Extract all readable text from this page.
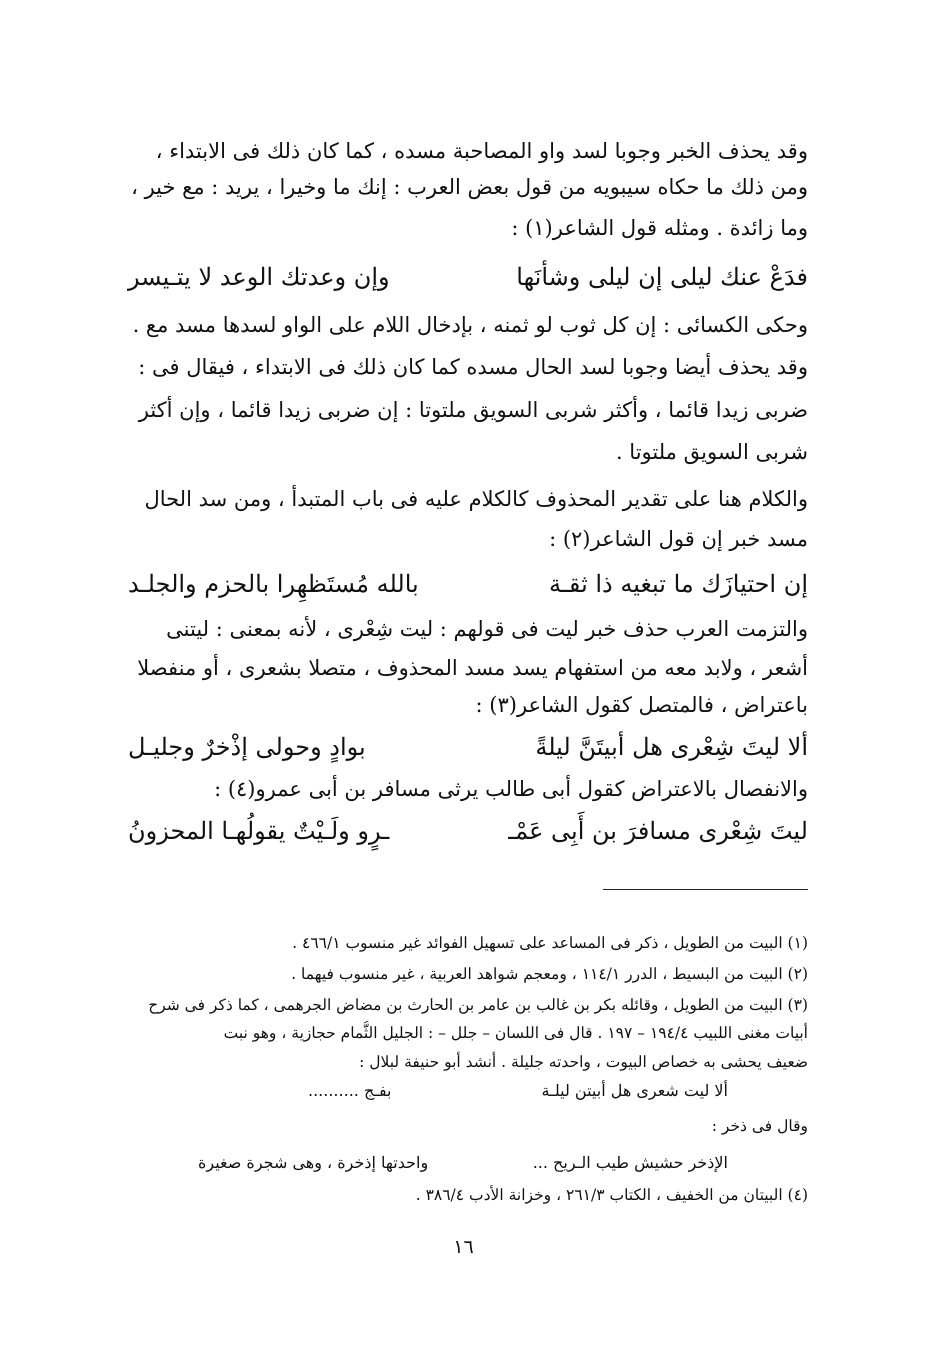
وقد يحذف الخبر وجوبا لسد واو المصاحبة مسده ، كما كان ذلك فى الابتداء ،
ومن ذلك ما حكاه سيبويه من قول بعض العرب : إنك ما وخيرا ، يريد : مع خير ،
وما زائدة . ومثله قول الشاعر(١) :
فدَعْ عنك ليلى إن ليلى وشأنَها
وإن وعدتك الوعد لا يتـيسر
وحكى الكسائى : إن كل ثوب لو ثمنه ، بإدخال اللام على الواو لسدها مسد مع .
وقد يحذف أيضا وجوبا لسد الحال مسده كما كان ذلك فى الابتداء ، فيقال فى :
ضربى زيدا قائما ، وأكثر شربى السويق ملتوتا : إن ضربى زيدا قائما ، وإن أكثر
شربى السويق ملتوتا .
والكلام هنا على تقدير المحذوف كالكلام عليه فى باب المتبدأ ، ومن سد الحال
مسد خبر إن قول الشاعر(٢) :
إن احتيازَك ما تبغيه ذا ثقـة
بالله مُستَظهِرا بالحزم والجلـد
والتزمت العرب حذف خبر ليت فى قولهم : ليت شِعْرى ، لأنه بمعنى : ليتنى
أشعر ، ولابد معه من استفهام يسد مسد المحذوف ، متصلا بشعرى ، أو منفصلا
باعتراض ، فالمتصل كقول الشاعر(٣) :
ألا ليتَ شِعْرى هل أبيتَنَّ ليلةً
بوادٍ وحولى إذْخرٌ وجليـل
والانفصال بالاعتراض كقول أبى طالب يرثى مسافر بن أبى عمرو(٤) :
ليتَ شِعْرى مسافرَ بن أَبِى عَمْـ
ـرٍو ولَـيْتٌ يقولُهـا المحزونُ
(١) البيت من الطويل ، ذكر فى المساعد على تسهيل الفوائد غير منسوب ٤٦٦/١ .
(٢) البيت من البسيط ، الدرر ١١٤/١ ، ومعجم شواهد العربية ، غير منسوب فيهما .
(٣) البيت من الطويل ، وقائله بكر بن غالب بن عامر بن الحارث بن مضاض الجرهمى ، كما ذكر فى شرح
أبيات مغنى اللبيب ١٩٤/٤ – ١٩٧ . قال فى اللسان – جلل – : الجليل الثُّمام حجازية ، وهو نبت
ضعيف يحشى به خصاص البيوت ، واحدته جليلة . أنشد أبو حنيفة لبلال :
ألا ليت شعرى هل أبيتن ليلـة
بفـج ..........
وقال فى ذخر :
الإذخر حشيش طيب الـريح ...
واحدتها إذخرة ، وهى شجرة صغيرة
(٤) البيتان من الخفيف ، الكتاب ٢٦١/٣ ، وخزانة الأدب ٣٨٦/٤ .
١٦
